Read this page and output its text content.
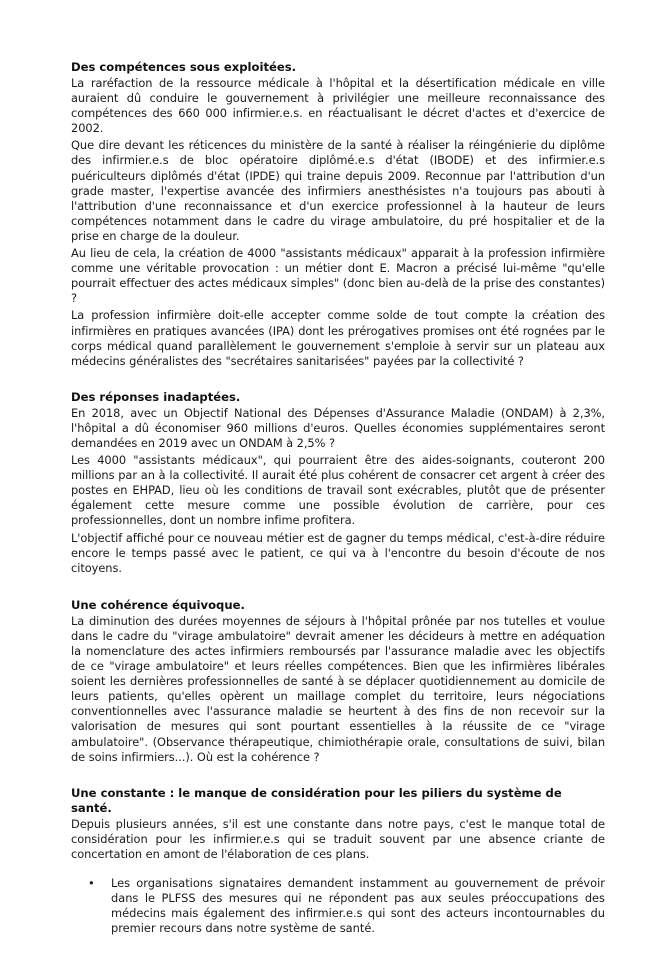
Des compétences sous exploitées.
La raréfaction de la ressource médicale à l'hôpital et la désertification médicale en ville auraient dû conduire le gouvernement à privilégier une meilleure reconnaissance des compétences des 660 000 infirmier.e.s. en réactualisant le décret d'actes et d'exercice de 2002.
Que dire devant les réticences du ministère de la santé à réaliser la réingénierie du diplôme des infirmier.e.s de bloc opératoire diplômé.e.s d'état (IBODE) et des infirmier.e.s puériculteurs diplômés d'état (IPDE) qui traine depuis 2009. Reconnue par l'attribution d'un grade master, l'expertise avancée des infirmiers anesthésistes n'a toujours pas abouti à l'attribution d'une reconnaissance et d'un exercice professionnel à la hauteur de leurs compétences notamment dans le cadre du virage ambulatoire, du pré hospitalier et de la prise en charge de la douleur.
Au lieu de cela, la création de 4000 "assistants médicaux" apparait à la profession infirmière comme une véritable provocation : un métier dont E. Macron a précisé lui-même "qu'elle pourrait effectuer des actes médicaux simples" (donc bien au-delà de la prise des constantes) ?
La profession infirmière doit-elle accepter comme solde de tout compte la création des infirmières en pratiques avancées (IPA) dont les prérogatives promises ont été rognées par le corps médical quand parallèlement le gouvernement s'emploie à servir sur un plateau aux médecins généralistes des "secrétaires sanitarisées" payées par la collectivité ?
Des réponses inadaptées.
En 2018, avec un Objectif National des Dépenses d'Assurance Maladie (ONDAM) à 2,3%, l'hôpital a dû économiser 960 millions d'euros. Quelles économies supplémentaires seront demandées en 2019 avec un ONDAM à 2,5% ?
Les 4000 "assistants médicaux", qui pourraient être des aides-soignants, couteront 200 millions par an à la collectivité. Il aurait été plus cohérent de consacrer cet argent à créer des postes en EHPAD, lieu où les conditions de travail sont exécrables, plutôt que de présenter également cette mesure comme une possible évolution de carrière, pour ces professionnelles, dont un nombre infime profitera.
L'objectif affiché pour ce nouveau métier est de gagner du temps médical, c'est-à-dire réduire encore le temps passé avec le patient, ce qui va à l'encontre du besoin d'écoute de nos citoyens.
Une cohérence équivoque.
La diminution des durées moyennes de séjours à l'hôpital prônée par nos tutelles et voulue dans le cadre du "virage ambulatoire" devrait amener les décideurs à mettre en adéquation la nomenclature des actes infirmiers remboursés par l'assurance maladie avec les objectifs de ce "virage ambulatoire" et leurs réelles compétences. Bien que les infirmières libérales soient les dernières professionnelles de santé à se déplacer quotidiennement au domicile de leurs patients, qu'elles opèrent un maillage complet du territoire, leurs négociations conventionnelles avec l'assurance maladie se heurtent à des fins de non recevoir sur la valorisation de mesures qui sont pourtant essentielles à la réussite de ce "virage ambulatoire". (Observance thérapeutique, chimiothérapie orale, consultations de suivi, bilan de soins infirmiers...). Où est la cohérence ?
Une constante : le manque de considération pour les piliers du système de santé.
Depuis plusieurs années, s'il est une constante dans notre pays, c'est le manque total de considération pour les infirmier.e.s qui se traduit souvent par une absence criante de concertation en amont de l'élaboration de ces plans.
• Les organisations signataires demandent instamment au gouvernement de prévoir dans le PLFSS des mesures qui ne répondent pas aux seules préoccupations des médecins mais également des infirmier.e.s qui sont des acteurs incontournables du premier recours dans notre système de santé.
